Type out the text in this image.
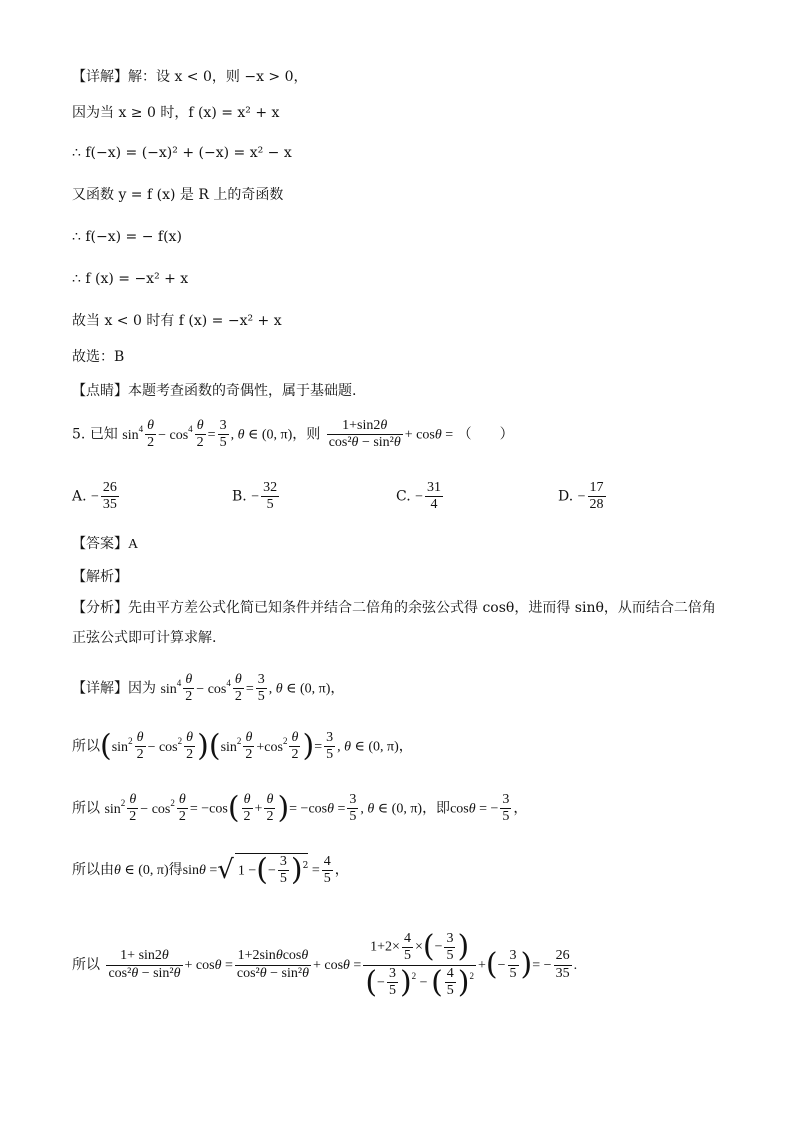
【详解】解：设 x < 0，则 −x > 0，
因为当 x ≥ 0 时，f (x) = x² + x
∴ f(−x) = (−x)² + (−x) = x² − x
又函数 y = f (x) 是 R 上的奇函数
∴ f(−x) = − f(x)
∴ f (x) = −x² + x
故当 x < 0 时有 f (x) = −x² + x
故选：B
【点睛】本题考查函数的奇偶性，属于基础题.
5. 已知 $\sin^4 \frac{\theta}{2} - \cos^4 \frac{\theta}{2} = \frac{3}{5}$ , θ ∈ (0, π)，则 $\frac{1+\sin 2\theta}{\text{cos²θ − sin²θ}} + \cos\theta$ = （　　）
A. − $\frac{26}{35}$	B. − $\frac{32}{5}$	C. − $\frac{31}{4}$	D. − $\frac{17}{28}$
【答案】A
【解析】
【分析】先由平方差公式化简已知条件并结合二倍角的余弦公式得 cosθ，进而得 sinθ，从而结合二倍角
正弦公式即可计算求解.
【详解】因为 $\sin^4 \frac{\theta}{2} - \cos^4 \frac{\theta}{2} = \frac{3}{5}$ , θ ∈ (0, π)，
所以$(\sin^2 \frac{\theta}{2} - \cos^2 \frac{\theta}{2} )(\sin^2 \frac{\theta}{2} +\cos^2 \frac{\theta}{2}$ )= $\frac{3}{5}$ , θ ∈ (0, π)，
所以 $\sin^2 \frac{\theta}{2} - \cos^2 \frac{\theta}{2} = -\cos( \frac{\theta}{2} + \frac{\theta}{2}$ )= $-\cos\theta = \frac{3}{5}$ , θ ∈ (0, π)，即cosθ = − $\frac{3}{5}$ ，
所以由θ ∈ (0, π)得sinθ =√ 1 −(− $\frac{3}{5} )^2 = \frac{4}{5}$ ，
所以 $\frac{1+ \sin 2\theta}{\text{cos²θ − sin²θ}} + \cos\theta = \frac{1+2\sin\theta\cos\theta}{\text{cos²θ − sin²θ}} + \cos\theta = \frac{1+2\times \frac{4}{5} \times(- \frac{3}{5} )}{(- \frac{3}{5} )^2 - ( \frac{4}{5} )^2}$ +(− $\frac{3}{5}$ )= − $\frac{26}{35}$ .
